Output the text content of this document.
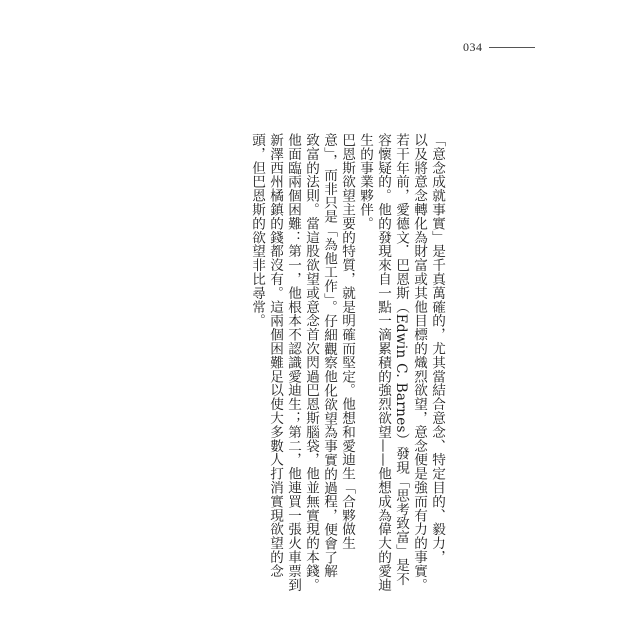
034
「意念成就事實」是千真萬確的，尤其當結合意念、特定目的、毅力，
以及將意念轉化為財富或其他目標的熾烈欲望，意念便是強而有力的事實。
若干年前，愛德文．巴恩斯（Edwin C. Barnes）發現「思考致富」是不
容懷疑的。他的發現來自一點一滴累積的強烈欲望——他想成為偉大的愛迪
生的事業夥伴。
巴恩斯欲望主要的特質，就是明確而堅定。他想和愛迪生「合夥做生
意」，而非只是「為他工作」。仔細觀察他化欲望為事實的過程，便會了解
致富的法則。當這股欲望或意念首次閃過巴恩斯腦袋，他並無實現的本錢。
他面臨兩個困難：第一，他根本不認識愛迪生；第二，他連買一張火車票到
新澤西州橘鎮的錢都沒有。這兩個困難足以使大多數人打消實現欲望的念
頭，但巴恩斯的欲望非比尋常。
